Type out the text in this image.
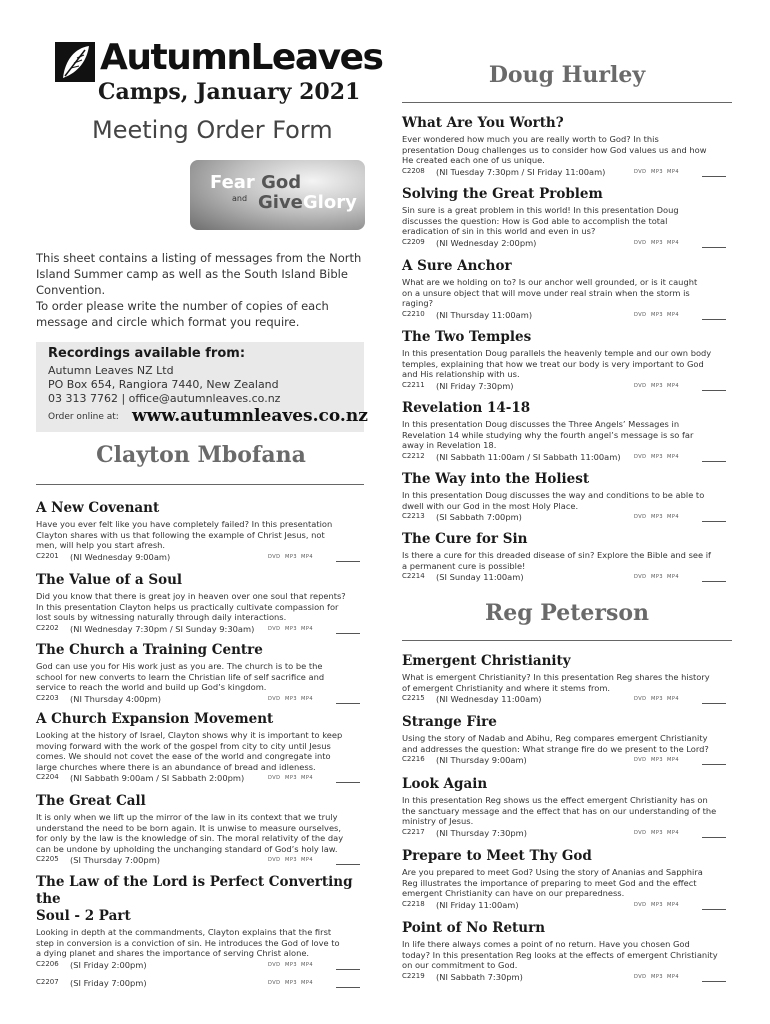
AutumnLeaves
Camps, January 2021
Meeting Order Form
Fear God
and GiveGlory
This sheet contains a listing of messages from the North
Island Summer camp as well as the South Island Bible
Convention.
To order please write the number of copies of each
message and circle which format you require.
Recordings available from:
Autumn Leaves NZ Ltd
PO Box 654, Rangiora 7440, New Zealand
03 313 7762 | office@autumnleaves.co.nz
Order online at: www.autumnleaves.co.nz
Clayton Mbofana
Doug Hurley
Reg Peterson
A New Covenant
Have you ever felt like you have completely failed? In this presentation
Clayton shares with us that following the example of Christ Jesus, not
men, will help you start afresh.
C2201 (NI Wednesday 9:00am)	DVD MP3 MP4
The Value of a Soul
Did you know that there is great joy in heaven over one soul that repents?
In this presentation Clayton helps us practically cultivate compassion for
lost souls by witnessing naturally through daily interactions.
C2202 (NI Wednesday 7:30pm / SI Sunday 9:30am)	DVD MP3 MP4
The Church a Training Centre
God can use you for His work just as you are. The church is to be the
school for new converts to learn the Christian life of self sacrifice and
service to reach the world and build up God’s kingdom.
C2203 (NI Thursday 4:00pm)	DVD MP3 MP4
A Church Expansion Movement
Looking at the history of Israel, Clayton shows why it is important to keep
moving forward with the work of the gospel from city to city until Jesus
comes. We should not covet the ease of the world and congregate into
large churches where there is an abundance of bread and idleness.
C2204 (NI Sabbath 9:00am / SI Sabbath 2:00pm)	DVD MP3 MP4
The Great Call
It is only when we lift up the mirror of the law in its context that we truly
understand the need to be born again. It is unwise to measure ourselves,
for only by the law is the knowledge of sin. The moral relativity of the day
can be undone by upholding the unchanging standard of God’s holy law.
C2205 (SI Thursday 7:00pm)	DVD MP3 MP4
The Law of the Lord is Perfect Converting the
Soul - 2 Part
Looking in depth at the commandments, Clayton explains that the first
step in conversion is a conviction of sin. He introduces the God of love to
a dying planet and shares the importance of serving Christ alone.
C2206 (SI Friday 2:00pm)	DVD MP3 MP4
C2207 (SI Friday 7:00pm)	DVD MP3 MP4
What Are You Worth?
Ever wondered how much you are really worth to God? In this
presentation Doug challenges us to consider how God values us and how
He created each one of us unique.
C2208 (NI Tuesday 7:30pm / SI Friday 11:00am)	DVD MP3 MP4
Solving the Great Problem
Sin sure is a great problem in this world! In this presentation Doug
discusses the question: How is God able to accomplish the total
eradication of sin in this world and even in us?
C2209 (NI Wednesday 2:00pm)	DVD MP3 MP4
A Sure Anchor
What are we holding on to? Is our anchor well grounded, or is it caught
on a unsure object that will move under real strain when the storm is
raging?
C2210 (NI Thursday 11:00am)	DVD MP3 MP4
The Two Temples
In this presentation Doug parallels the heavenly temple and our own body
temples, explaining that how we treat our body is very important to God
and His relationship with us.
C2211 (NI Friday 7:30pm)	DVD MP3 MP4
Revelation 14-18
In this presentation Doug discusses the Three Angels’ Messages in
Revelation 14 while studying why the fourth angel’s message is so far
away in Revelation 18.
C2212 (NI Sabbath 11:00am / SI Sabbath 11:00am)	DVD MP3 MP4
The Way into the Holiest
In this presentation Doug discusses the way and conditions to be able to
dwell with our God in the most Holy Place.
C2213 (SI Sabbath 7:00pm)	DVD MP3 MP4
The Cure for Sin
Is there a cure for this dreaded disease of sin? Explore the Bible and see if
a permanent cure is possible!
C2214 (SI Sunday 11:00am)	DVD MP3 MP4
Emergent Christianity
What is emergent Christianity? In this presentation Reg shares the history
of emergent Christianity and where it stems from.
C2215 (NI Wednesday 11:00am)	DVD MP3 MP4
Strange Fire
Using the story of Nadab and Abihu, Reg compares emergent Christianity
and addresses the question: What strange fire do we present to the Lord?
C2216 (NI Thursday 9:00am)	DVD MP3 MP4
Look Again
In this presentation Reg shows us the effect emergent Christianity has on
the sanctuary message and the effect that has on our understanding of the
ministry of Jesus.
C2217 (NI Thursday 7:30pm)	DVD MP3 MP4
Prepare to Meet Thy God
Are you prepared to meet God? Using the story of Ananias and Sapphira
Reg illustrates the importance of preparing to meet God and the effect
emergent Christianity can have on our preparedness.
C2218 (NI Friday 11:00am)	DVD MP3 MP4
Point of No Return
In life there always comes a point of no return. Have you chosen God
today? In this presentation Reg looks at the effects of emergent Christianity
on our commitment to God.
C2219 (NI Sabbath 7:30pm)	DVD MP3 MP4
